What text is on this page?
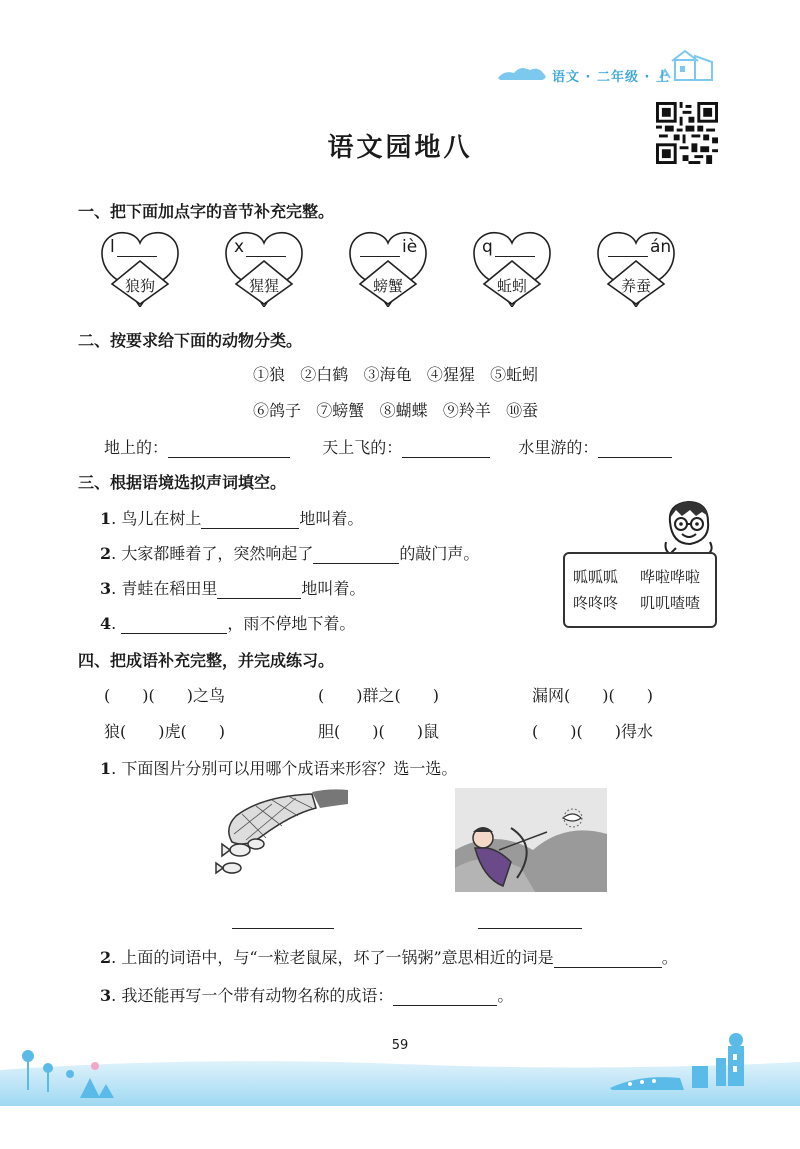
语文 · 二年级 · 上
语文园地八
一、把下面加点字的音节补充完整。
l
狼狗
x
猩猩
iè
螃蟹
q
蚯蚓
án
养蚕
二、按要求给下面的动物分类。
①狼 ②白鹤 ③海龟 ④猩猩 ⑤蚯蚓
⑥鸽子 ⑦螃蟹 ⑧蝴蝶 ⑨羚羊 ⑩蚕
地上的：	天上飞的：	水里游的：
三、根据语境选拟声词填空。
1. 鸟儿在树上	地叫着。
2. 大家都睡着了，突然响起了	的敲门声。
3. 青蛙在稻田里	地叫着。
4.	，雨不停地下着。
呱呱呱 哗啦哗啦
咚咚咚 叽叽喳喳
四、把成语补充完整，并完成练习。
(　　)(　　)之鸟	(　　)群之(　　)	漏网(　　)(　　)
狼(　　)虎(　　)	胆(　　)(　　)鼠	(　　)(　　)得水
1. 下面图片分别可以用哪个成语来形容？选一选。
2. 上面的词语中，与“一粒老鼠屎，坏了一锅粥”意思相近的词是	。
3. 我还能再写一个带有动物名称的成语：	。
59
